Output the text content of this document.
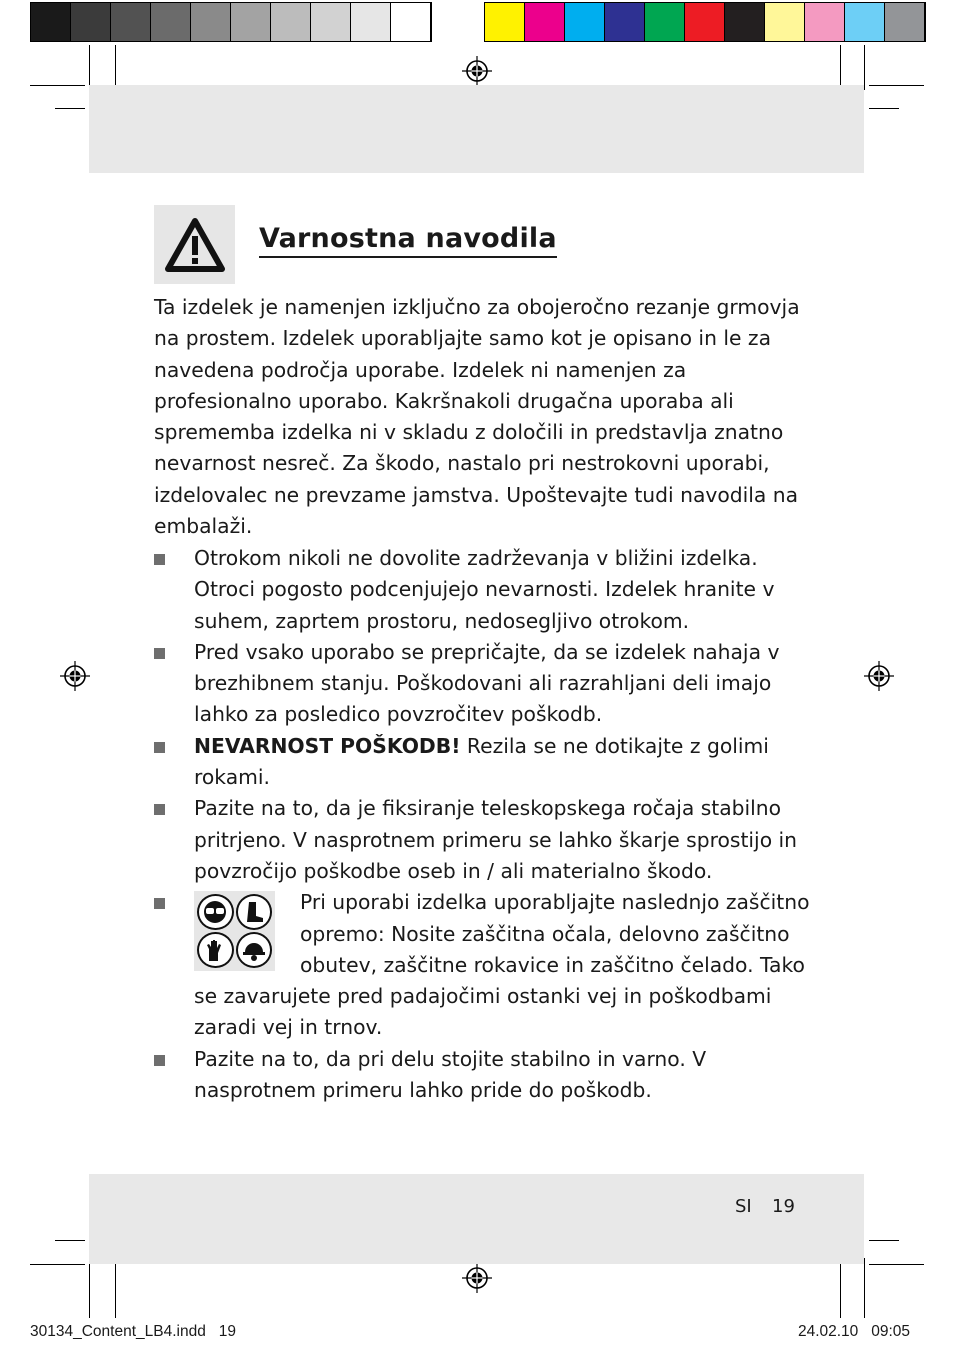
Varnostna navodila

Ta izdelek je namenjen izključno za obojeročno rezanje grmovja na prostem. Izdelek uporabljajte samo kot je opisano in le za navedena področja uporabe. Izdelek ni namenjen za profesionalno uporabo. Kakršnakoli drugačna uporaba ali sprememba izdelka ni v skladu z določili in predstavlja znatno nevarnost nesreč. Za škodo, nastalo pri nestrokovni uporabi, izdelovalec ne prevzame jamstva. Upoštevajte tudi navodila na embalaži.

Otrokom nikoli ne dovolite zadrževanja v bližini izdelka. Otroci pogosto podcenjujejo nevarnosti. Izdelek hranite v suhem, zaprtem prostoru, nedosegljivo otrokom.
Pred vsako uporabo se prepričajte, da se izdelek nahaja v brezhibnem stanju. Poškodovani ali razrahljani deli imajo lahko za posledico povzročitev poškodb.
NEVARNOST POŠKODB! Rezila se ne dotikajte z golimi rokami.
Pazite na to, da je fiksiranje teleskopskega ročaja stabilno pritrjeno. V nasprotnem primeru se lahko škarje sprostijo in povzročijo poškodbe oseb in / ali materialno škodo.
Pri uporabi izdelka uporabljajte naslednjo zaščitno opremo: Nosite zaščitna očala, delovno zaščitno obutev, zaščitne rokavice in zaščitno čelado. Tako se zavarujete pred padajočimi ostanki vej in poškodbami zaradi vej in trnov.
Pazite na to, da pri delu stojite stabilno in varno. V nasprotnem primeru lahko pride do poškodb.
SI 19
30134_Content_LB4.indd   19	24.02.10   09:05
